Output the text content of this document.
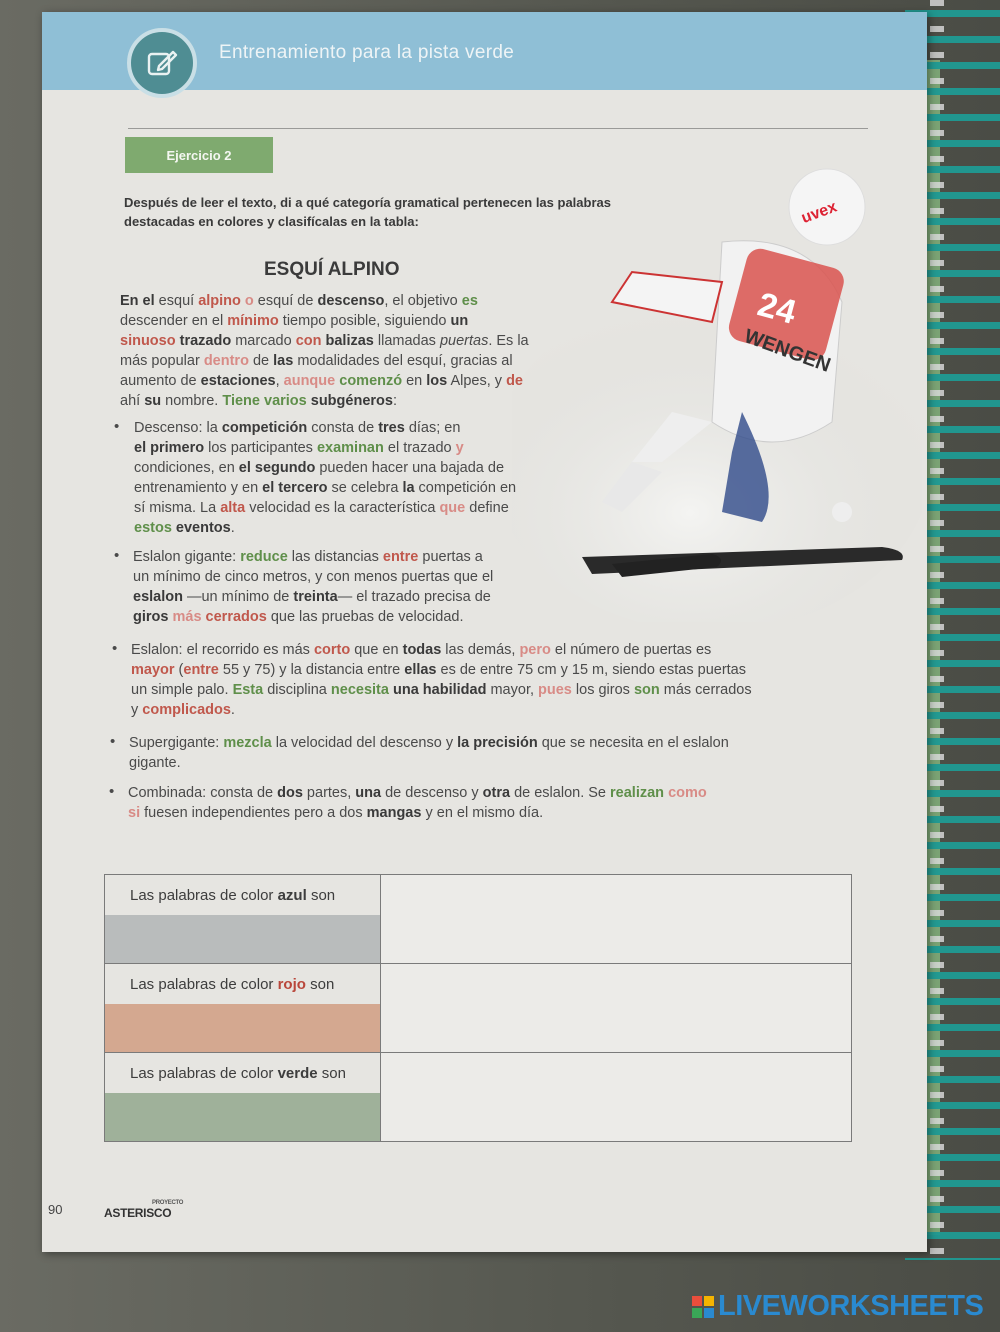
Entrenamiento para la pista verde
Ejercicio 2
Después de leer el texto, di a qué categoría gramatical pertenecen las palabras
destacadas en colores y clasifícalas en la tabla:	uvex
24
WENGEN
ESQUÍ ALPINO
En el esquí alpino o esquí de descenso, el objetivo es
descender en el mínimo tiempo posible, siguiendo un
sinuoso trazado marcado con balizas llamadas puertas. Es la
más popular dentro de las modalidades del esquí, gracias al
aumento de estaciones, aunque comenzó en los Alpes, y de
ahí su nombre. Tiene varios subgéneros:
• Descenso: la competición consta de tres días; en
el primero los participantes examinan el trazado y
condiciones, en el segundo pueden hacer una bajada de
entrenamiento y en el tercero se celebra la competición en
sí misma. La alta velocidad es la característica que define
estos eventos.
• Eslalon gigante: reduce las distancias entre puertas a
un mínimo de cinco metros, y con menos puertas que el
eslalon —un mínimo de treinta— el trazado precisa de
giros más cerrados que las pruebas de velocidad.
• Eslalon: el recorrido es más corto que en todas las demás, pero el número de puertas es
mayor (entre 55 y 75) y la distancia entre ellas es de entre 75 cm y 15 m, siendo estas puertas
un simple palo. Esta disciplina necesita una habilidad mayor, pues los giros son más cerrados
y complicados.
• Supergigante: mezcla la velocidad del descenso y la precisión que se necesita en el eslalon
gigante.
• Combinada: consta de dos partes, una de descenso y otra de eslalon. Se realizan como
si fuesen independientes pero a dos mangas y en el mismo día.
Las palabras de color azul son	

Las palabras de color rojo son	

Las palabras de color verde son	

90	PROYECTO
ASTERISCO
LIVEWORKSHEETS
